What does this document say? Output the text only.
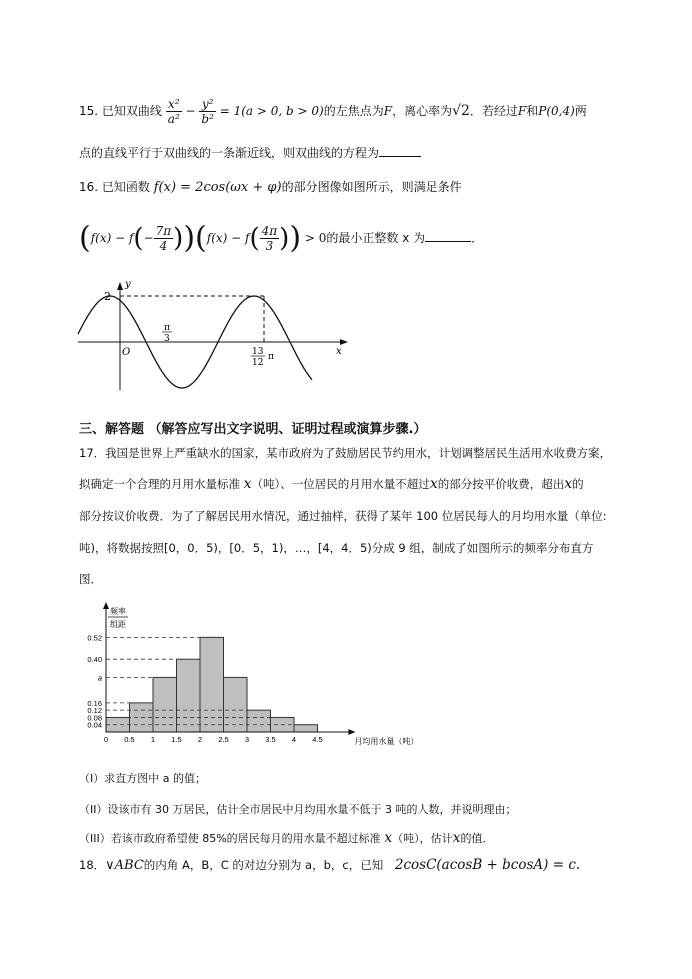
15. 已知双曲线 $\frac{\text{x²}}{\text{a²}} - \frac{\text{y²}}{\text{b²}} = 1(a > 0$, b > 0)的左焦点为F，离心率为√2．若经过F和P(0,4)两
点的直线平行于双曲线的一条渐近线，则双曲线的方程为
16. 已知函数 f(x) = 2cos(ωx + φ)的部分图像如图所示，则满足条件
$(f(x) - f(- \frac{7\pi}{4} ))(f(x) - f( \frac{4\pi}{3}$ )) > 0的最小正整数 x 为	．
y
x
2
O
π
3
13
12
π
三、解答题 （解答应写出文字说明、证明过程或演算步骤.）
17．我国是世界上严重缺水的国家，某市政府为了鼓励居民节约用水，计划调整居民生活用水收费方案，
拟确定一个合理的月用水量标准 x（吨）、一位居民的月用水量不超过x的部分按平价收费，超出x的
部分按议价收费．为了了解居民用水情况，通过抽样，获得了某年 100 位居民每人的月均用水量（单位:
吨)，将数据按照[0，0．5)，[0．5，1)，…，[4，4．5)分成 9 组，制成了如图所示的频率分布直方
图．
0.52
0.40
a
0.16
0.12
0.08
0.04
0 0.5 1 1.5 2 2.5 3 3.5 4 4.5
频率
组距
月均用水量（吨）
（I）求直方图中 a 的值；
（II）设该市有 30 万居民，估计全市居民中月均用水量不低于 3 吨的人数，并说明理由；
（III）若该市政府希望使 85%的居民每月的用水量不超过标准 x（吨），估计x的值．
18．∨ABC的内角 A，B，C 的对边分别为 a，b，c，已知 2cosC(acosB + bcosA) = c.
